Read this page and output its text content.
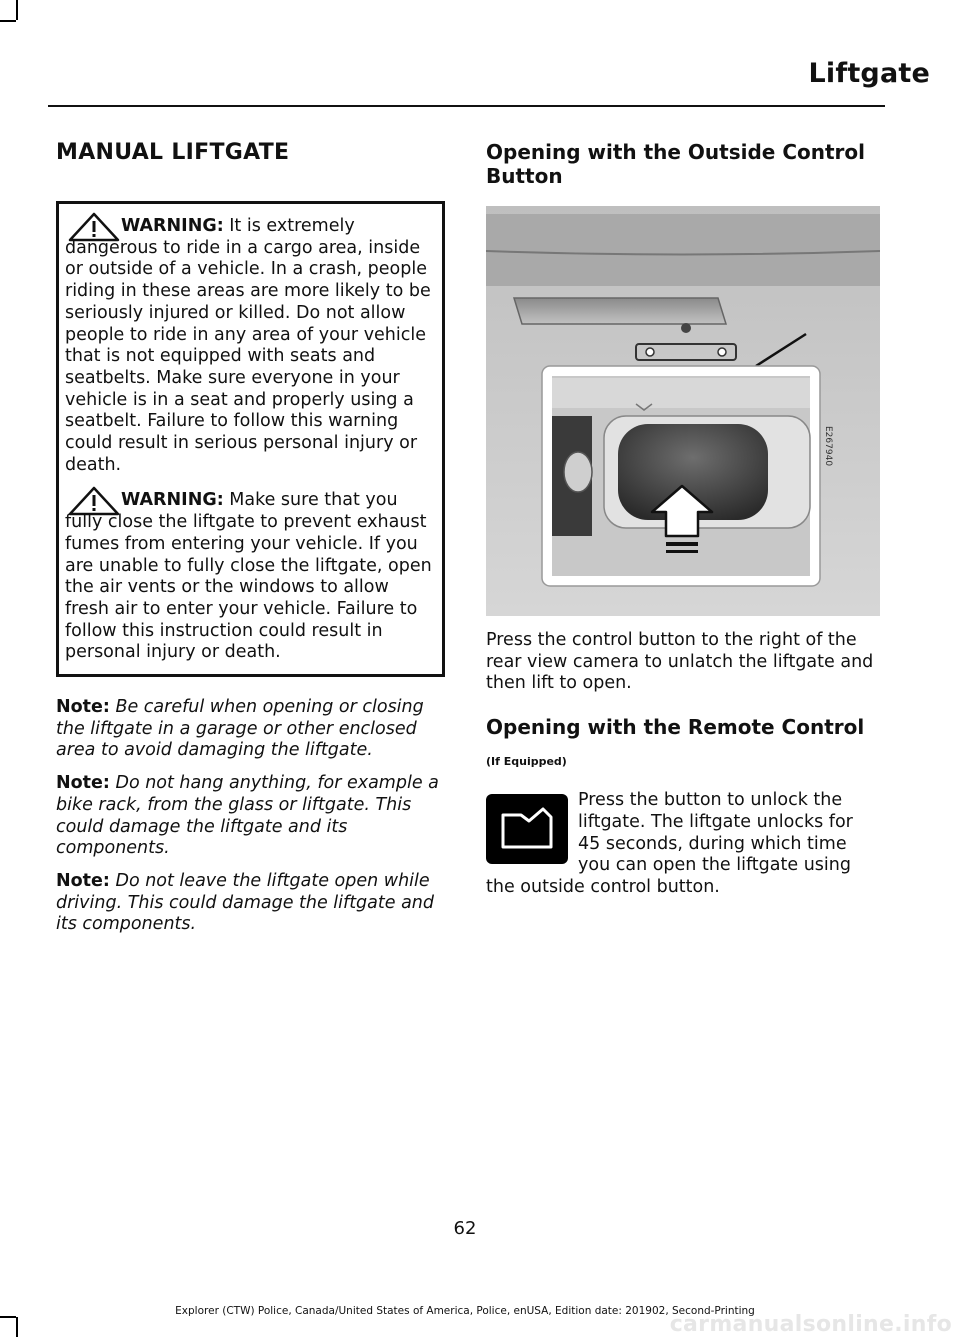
Liftgate
MANUAL LIFTGATE

WARNING: It is extremely dangerous to ride in a cargo area, inside or outside of a vehicle. In a crash, people riding in these areas are more likely to be seriously injured or killed. Do not allow people to ride in any area of your vehicle that is not equipped with seats and seatbelts. Make sure everyone in your vehicle is in a seat and properly using a seatbelt. Failure to follow this warning could result in serious personal injury or death.

WARNING: Make sure that you fully close the liftgate to prevent exhaust fumes from entering your vehicle. If you are unable to fully close the liftgate, open the air vents or the windows to allow fresh air to enter your vehicle. Failure to follow this instruction could result in personal injury or death.

Note: Be careful when opening or closing the liftgate in a garage or other enclosed area to avoid damaging the liftgate.

Note: Do not hang anything, for example a bike rack, from the glass or liftgate. This could damage the liftgate and its components.

Note: Do not leave the liftgate open while driving. This could damage the liftgate and its components.

Opening with the Outside Control Button
E267940

Press the control button to the right of the rear view camera to unlatch the liftgate and then lift to open.

Opening with the Remote Control
(If Equipped)

Press the button to unlock the liftgate. The liftgate unlocks for 45 seconds, during which time you can open the liftgate using the outside control button.

62
Explorer (CTW) Police, Canada/United States of America, Police, enUSA, Edition date: 201902, Second-Printing
carmanualsonline.info
